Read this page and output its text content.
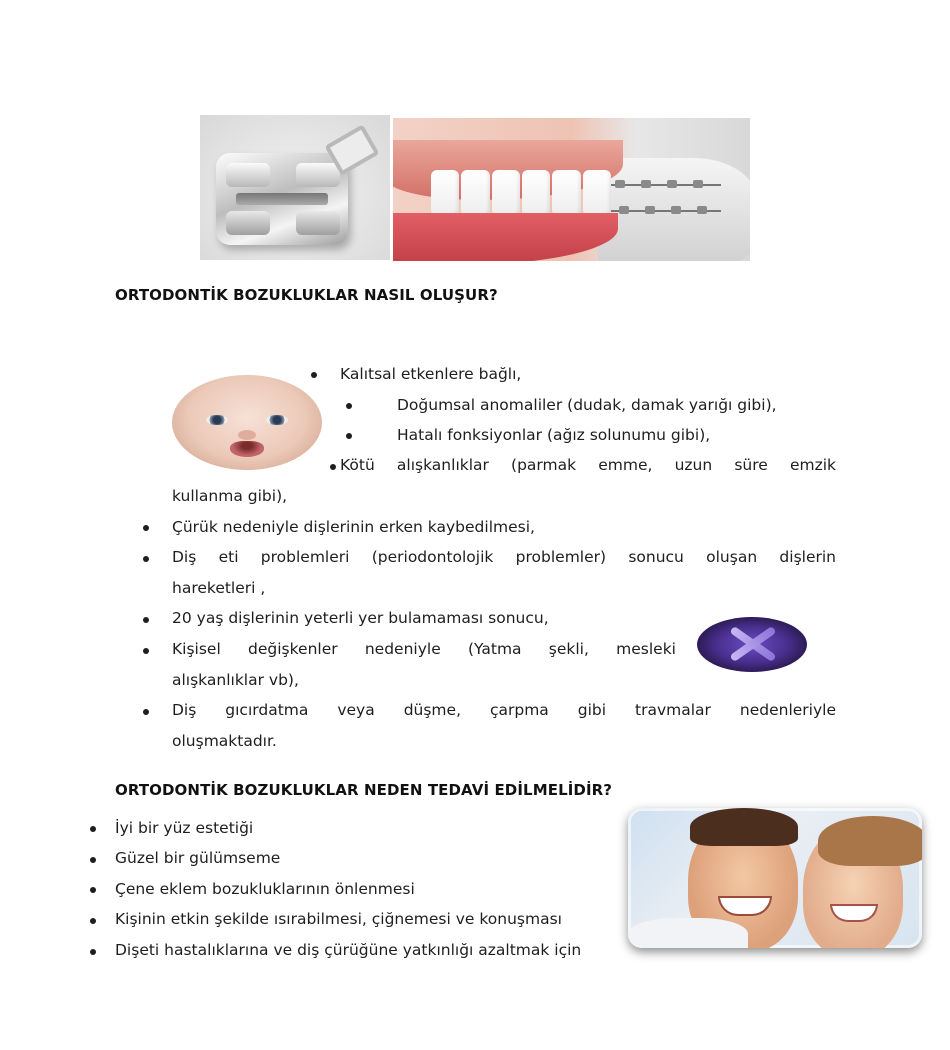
ORTODONTİK BOZUKLUKLAR NASIL OLUŞUR?
Kalıtsal etkenlere bağlı,
Doğumsal anomaliler (dudak, damak yarığı gibi),
Hatalı fonksiyonlar (ağız solunumu gibi),
Kötü alışkanlıklar (parmak emme, uzun süre emzik
kullanma gibi),
Çürük nedeniyle dişlerinin erken kaybedilmesi,
Diş eti problemleri (periodontolojik problemler) sonucu oluşan dişlerin
hareketleri ,
20 yaş dişlerinin yeterli yer bulamaması sonucu,
Kişisel değişkenler nedeniyle (Yatma şekli, mesleki
alışkanlıklar vb),
Diş gıcırdatma veya düşme, çarpma gibi travmalar nedenleriyle
oluşmaktadır.
ORTODONTİK BOZUKLUKLAR NEDEN TEDAVİ EDİLMELİDİR?
İyi bir yüz estetiği
Güzel bir gülümseme
Çene eklem bozukluklarının önlenmesi
Kişinin etkin şekilde ısırabilmesi, çiğnemesi ve konuşması
Dişeti hastalıklarına ve diş çürüğüne yatkınlığı azaltmak için
